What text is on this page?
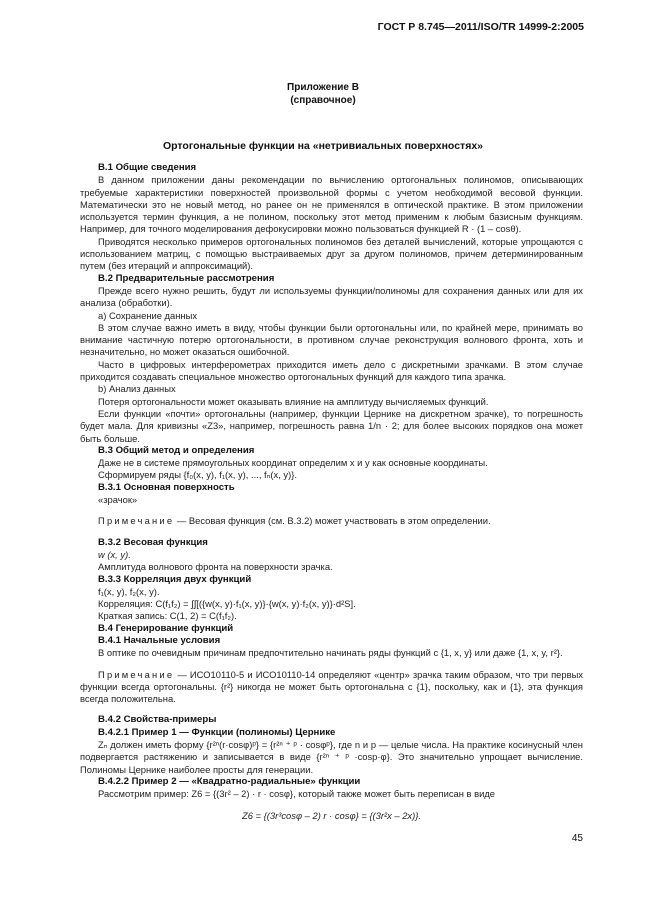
ГОСТ Р 8.745—2011/ISO/TR 14999-2:2005
Приложение В
(справочное)
Ортогональные функции на «нетривиальных поверхностях»
В.1 Общие сведения

В данном приложении даны рекомендации по вычислению ортогональных полиномов, описывающих требуемые характеристики поверхностей произвольной формы с учетом необходимой весовой функции. Математически это не новый метод, но ранее он не применялся в оптической практике. В этом приложении используется термин функция, а не полином, поскольку этот метод применим к любым базисным функциям. Например, для точного моделирования дефокусировки можно пользоваться функцией R · (1 – cosθ).

Приводятся несколько примеров ортогональных полиномов без деталей вычислений, которые упрощаются с использованием матриц, с помощью выстраиваемых друг за другом полиномов, причем детерминированным путем (без итераций и аппроксимаций).

В.2 Предварительные рассмотрения

Прежде всего нужно решить, будут ли используемы функции/полиномы для сохранения данных или для их анализа (обработки).

а) Сохранение данных

В этом случае важно иметь в виду, чтобы функции были ортогональны или, по крайней мере, принимать во внимание частичную потерю ортогональности, в противном случае реконструкция волнового фронта, хоть и незначительно, но может оказаться ошибочной.

Часто в цифровых интерферометрах приходится иметь дело с дискретными зрачками. В этом случае приходится создавать специальное множество ортогональных функций для каждого типа зрачка.

b) Анализ данных

Потеря ортогональности может оказывать влияние на амплитуду вычисляемых функций.

Если функции «почти» ортогональны (например, функции Цернике на дискретном зрачке), то погрешность будет мала. Для кривизны «Z3», например, погрешность равна 1/n · 2; для более высоких порядков она может быть больше.

В.3 Общий метод и определения

Даже не в системе прямоугольных координат определим x и y как основные координаты.

Сформируем ряды {f₀(x, y), f₁(x, y), ..., fₙ(x, y)}.

В.3.1 Основная поверхность

«зрачок»

Примечание — Весовая функция (см. В.3.2) может участвовать в этом определении.

В.3.2 Весовая функция

w (x, y).

Амплитуда волнового фронта на поверхности зрачка.

В.3.3 Корреляция двух функций

f₁(x, y), f₂(x, y).

Корреляция: C(f₁f₂) = ∫∫[({w(x, y)·f₁(x, y)}·{w(x, y)·f₂(x, y)}·d²S].

Краткая запись: C(1, 2) = C(f₁f₂).

В.4 Генерирование функций
В.4.1 Начальные условия

В оптике по очевидным причинам предпочтительно начинать ряды функций с {1, x, y} или даже {1, x, y, r²}.

Примечание — ИСО10110-5 и ИСО10110-14 определяют «центр» зрачка таким образом, что три первых функции всегда ортогональны. {r²} никогда не может быть ортогональна с {1}, поскольку, как и {1}, эта функция всегда положительна.

В.4.2 Свойства-примеры
В.4.2.1 Пример 1 — Функции (полиномы) Цернике

Zₙ должен иметь форму {r²ⁿ(r·cosφ)ᵖ} = {r²ⁿ ⁺ ᵖ · cosφᵖ}, где n и p — целые числа. На практике косинусный член подвергается растяжению и записывается в виде {r²ⁿ ⁺ ᵖ ·cosp·φ}. Это значительно упрощает вычисление. Полиномы Цернике наиболее просты для генерации.

В.4.2.2 Пример 2 — «Квадратно-радиальные» функции

Рассмотрим пример: Z6 = {(3r² – 2) · r · cosφ}, который также может быть переписан в виде

Z6 = {(3r³cosφ – 2) r · cosφ} = {(3r²x – 2x)}.

45
